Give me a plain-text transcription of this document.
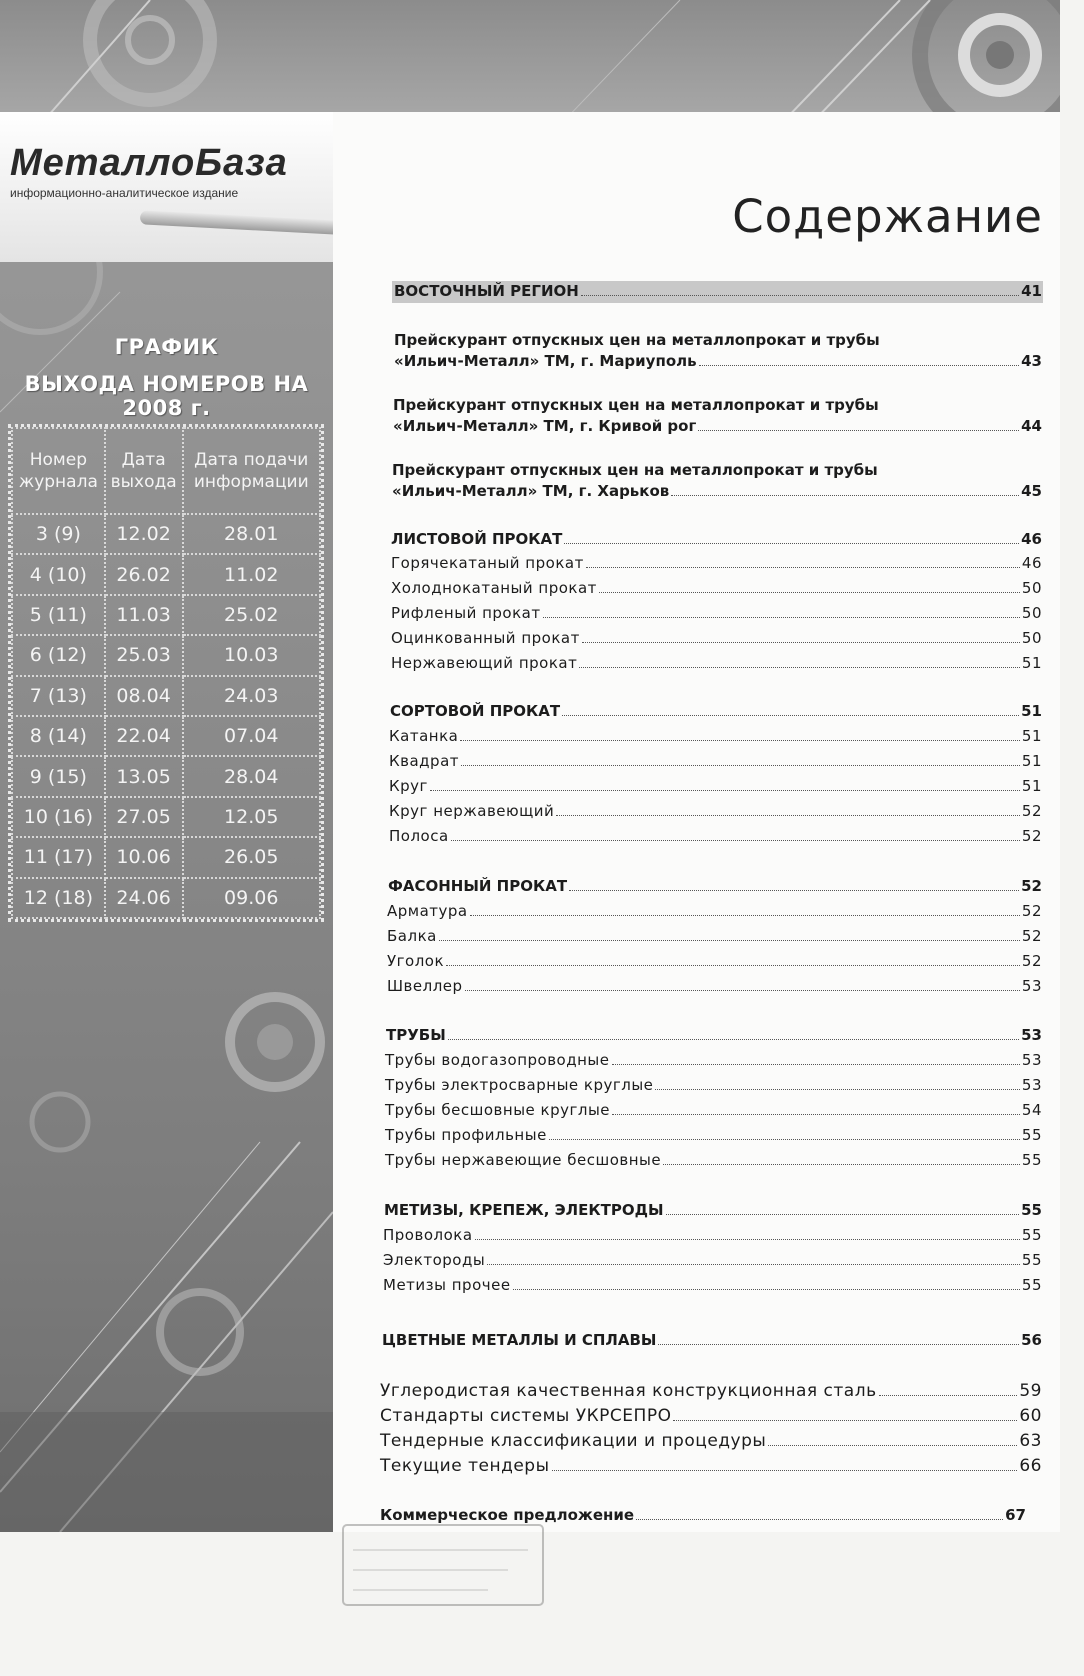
МеталлоБаза
информационно-аналитическое издание
ГРАФИК
ВЫХОДА НОМЕРОВ НА 2008 г.
Номер журнала	Дата выхода	Дата подачи информации
3 (9)	12.02	28.01
4 (10)	26.02	11.02
5 (11)	11.03	25.02
6 (12)	25.03	10.03
7 (13)	08.04	24.03
8 (14)	22.04	07.04
9 (15)	13.05	28.04
10 (16)	27.05	12.05
11 (17)	10.06	26.05
12 (18)	24.06	09.06
Содержание
ВОСТОЧНЫЙ РЕГИОН	41
Прейскурант отпускных цен на металлопрокат и трубы
«Ильич-Металл» ТМ, г. Мариуполь	43
Прейскурант отпускных цен на металлопрокат и трубы
«Ильич-Металл» ТМ, г. Кривой рог	44
Прейскурант отпускных цен на металлопрокат и трубы
«Ильич-Металл» ТМ, г. Харьков	45
ЛИСТОВОЙ ПРОКАТ	46
Горячекатаный прокат	46
Холоднокатаный прокат	50
Рифленый прокат	50
Оцинкованный прокат	50
Нержавеющий прокат	51
СОРТОВОЙ ПРОКАТ	51
Катанка	51
Квадрат	51
Круг	51
Круг нержавеющий	52
Полоса	52
ФАСОННЫЙ ПРОКАТ	52
Арматура	52
Балка	52
Уголок	52
Швеллер	53
ТРУБЫ	53
Трубы водогазопроводные	53
Трубы электросварные круглые	53
Трубы бесшовные круглые	54
Трубы профильные	55
Трубы нержавеющие бесшовные	55
МЕТИЗЫ, КРЕПЕЖ, ЭЛЕКТРОДЫ	55
Проволока	55
Электороды	55
Метизы прочее	55
ЦВЕТНЫЕ МЕТАЛЛЫ И СПЛАВЫ	56
Углеродистая качественная конструкционная сталь	59
Стандарты системы УКРСЕПРО	60
Тендерные классификации и процедуры	63
Текущие тендеры	66
Коммерческое предложение	67
